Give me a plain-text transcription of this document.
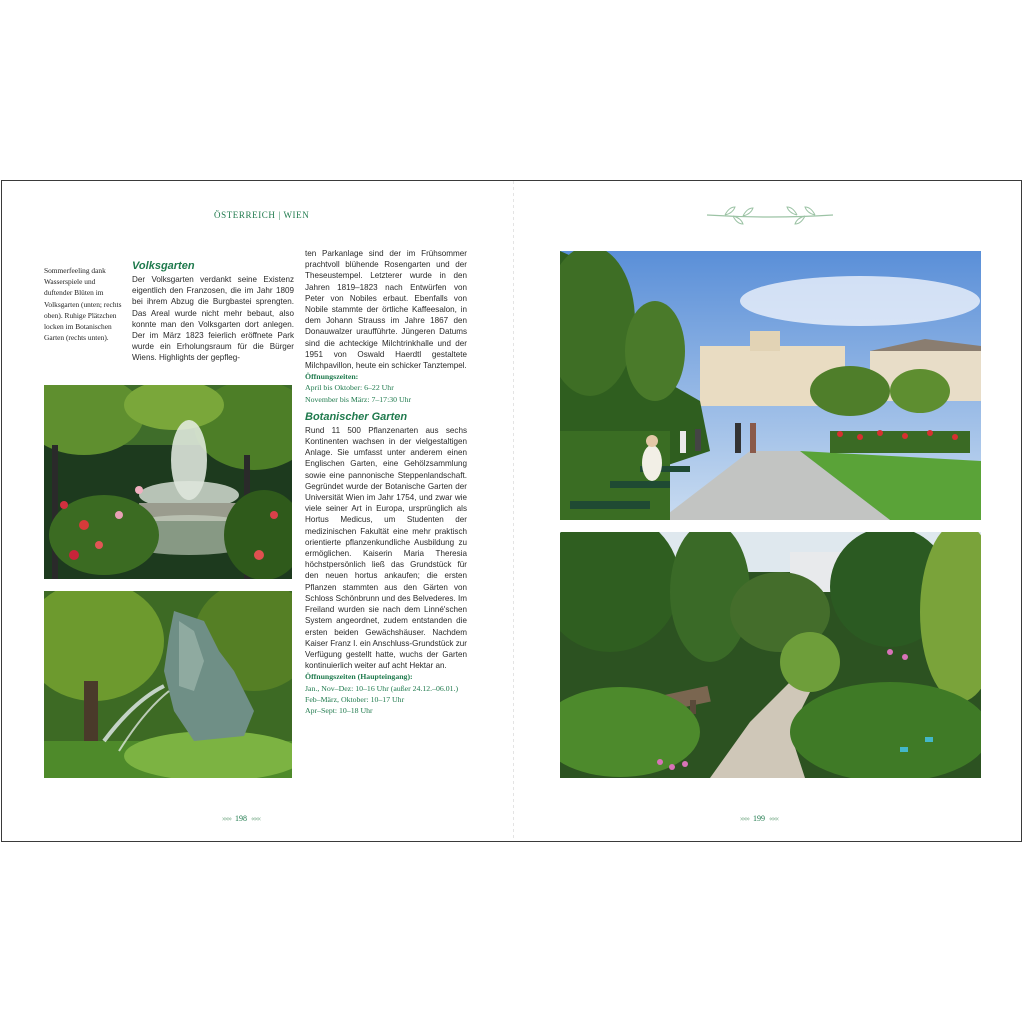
ÖSTERREICH | WIEN

Sommerfeeling dank Wasserspiele und duftender Blüten im Volksgarten (unten; rechts oben). Ruhige Plätzchen locken im Botanischen Garten (rechts unten).

Volksgarten

Der Volksgarten verdankt seine Existenz eigentlich den Franzosen, die im Jahr 1809 bei ihrem Abzug die Burgbastei sprengten. Das Areal wurde nicht mehr bebaut, also konnte man den Volksgarten dort anlegen. Der im März 1823 feierlich eröffnete Park wurde ein Erholungsraum für die Bürger Wiens. Highlights der gepfleg-

ten Parkanlage sind der im Frühsommer prachtvoll blühende Rosengarten und der Theseustempel. Letzterer wurde in den Jahren 1819–1823 nach Entwürfen von Peter von Nobiles erbaut. Ebenfalls von Nobile stammte der örtliche Kaffeesalon, in dem Johann Strauss im Jahre 1867 den Donauwalzer uraufführte. Jüngeren Datums sind die achteckige Milchtrinkhalle und der 1951 von Oswald Haerdtl gestaltete Milchpavillon, heute ein schicker Tanztempel.

Öffnungszeiten:

April bis Oktober: 6–22 Uhr

November bis März: 7–17:30 Uhr

Botanischer Garten

Rund 11 500 Pflanzenarten aus sechs Kontinenten wachsen in der vielgestaltigen Anlage. Sie umfasst unter anderem einen Englischen Garten, eine Gehölzsammlung sowie eine pannonische Steppenlandschaft. Gegründet wurde der Botanische Garten der Universität Wien im Jahr 1754, und zwar wie viele seiner Art in Europa, ursprünglich als Hortus Medicus, um Studenten der medizinischen Fakultät eine mehr praktisch orientierte pflanzenkundliche Ausbildung zu ermöglichen. Kaiserin Maria Theresia höchstpersönlich ließ das Grundstück für den neuen hortus ankaufen; die ersten Pflanzen stammten aus den Gärten von Schloss Schönbrunn und des Belvederes. Im Freiland wurden sie nach dem Linné'schen System angeordnet, zudem entstanden die ersten beiden Gewächshäuser. Nachdem Kaiser Franz I. ein Anschluss-Grundstück zur Verfügung gestellt hatte, wuchs der Garten kontinuierlich weiter auf acht Hektar an.

Öffnungszeiten (Haupteingang):

Jan., Nov–Dez: 10–16 Uhr (außer 24.12.–06.01.)

Feb–März, Oktober: 10–17 Uhr

Apr–Sept: 10–18 Uhr

»»» 198 «««	»»» 199 «««
